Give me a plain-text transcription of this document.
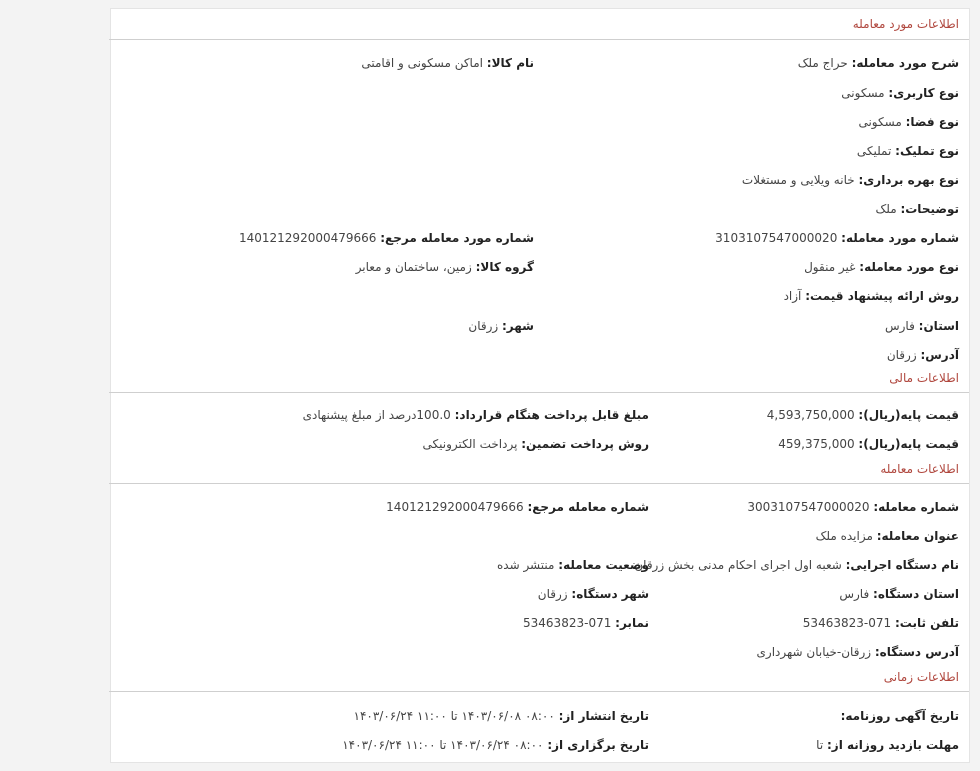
اطلاعات مورد معامله
شرح مورد معامله: حراج ملک
نام کالا: اماکن مسکونی و اقامتی
نوع کاربری: مسکونی
نوع فضا: مسکونی
نوع تملیک: تملیکی
نوع بهره برداری: خانه ویلایی و مستغلات
توضیحات: ملک
شماره مورد معامله: 3103107547000020
شماره مورد معامله مرجع: 140121292000479666
نوع مورد معامله: غیر منقول
گروه کالا: زمین، ساختمان و معابر
روش ارائه پیشنهاد قیمت: آزاد
استان: فارس
شهر: زرقان
آدرس: زرقان
اطلاعات مالی
قیمت پایه(ریال): 4,593,750,000
مبلغ قابل پرداخت هنگام قرارداد: 100.0درصد از مبلغ پیشنهادی
قیمت پایه(ریال): 459,375,000
روش پرداخت تضمین: پرداخت الکترونیکی
اطلاعات معامله
شماره معامله: 3003107547000020
شماره معامله مرجع: 140121292000479666
عنوان معامله: مزایده ملک
نام دستگاه اجرایی: شعبه اول اجرای احکام مدنی بخش زرقان
وضعیت معامله: منتشر شده
استان دستگاه: فارس
شهر دستگاه: زرقان
تلفن ثابت: 071-53463823
نمابر: 071-53463823
آدرس دستگاه: زرقان-خیابان شهرداری
اطلاعات زمانی
تاریخ آگهی روزنامه:
تاریخ انتشار از: ۰۸:۰۰ ۱۴۰۳/۰۶/۰۸ تا ۱۱:۰۰ ۱۴۰۳/۰۶/۲۴
مهلت بازدید روزانه از: تا
تاریخ برگزاری از: ۰۸:۰۰ ۱۴۰۳/۰۶/۲۴ تا ۱۱:۰۰ ۱۴۰۳/۰۶/۲۴
